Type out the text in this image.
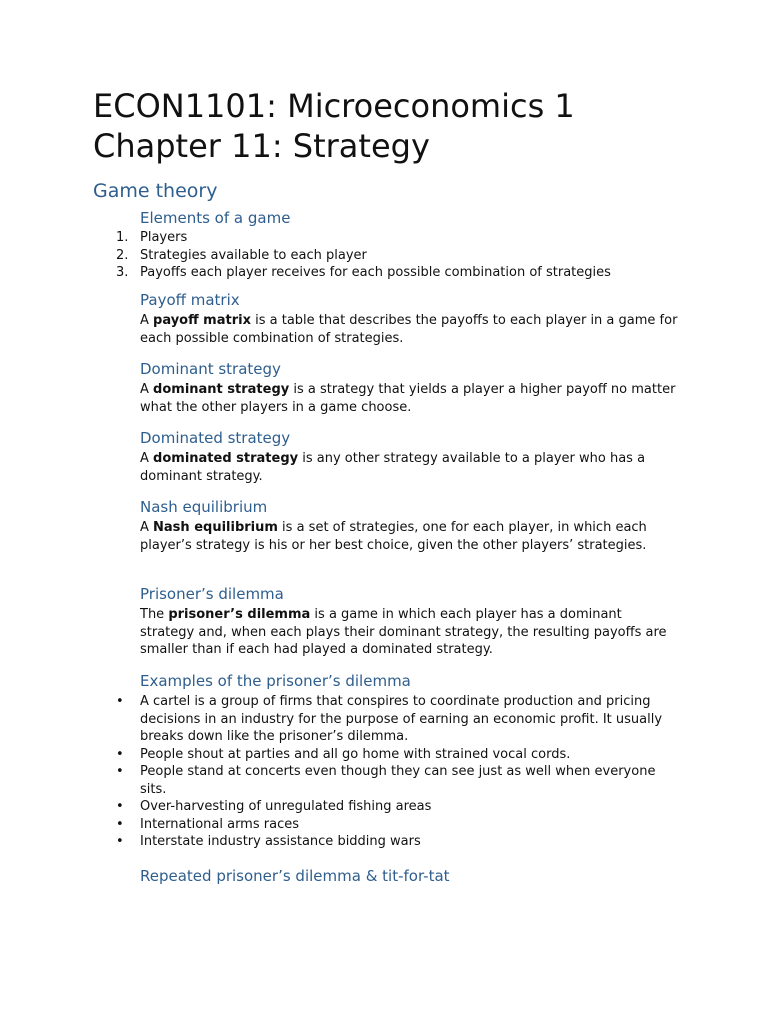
ECON1101: Microeconomics 1
Chapter 11: Strategy
Game theory
Elements of a game
1. Players
2. Strategies available to each player
3. Payoffs each player receives for each possible combination of strategies
Payoff matrix

A payoff matrix is a table that describes the payoffs to each player in a game for each possible combination of strategies.

Dominant strategy

A dominant strategy is a strategy that yields a player a higher payoff no matter what the other players in a game choose.

Dominated strategy

A dominated strategy is any other strategy available to a player who has a dominant strategy.

Nash equilibrium

A Nash equilibrium is a set of strategies, one for each player, in which each player’s strategy is his or her best choice, given the other players’ strategies.

Prisoner’s dilemma

The prisoner’s dilemma is a game in which each player has a dominant strategy and, when each plays their dominant strategy, the resulting payoffs are smaller than if each had played a dominated strategy.

Examples of the prisoner’s dilemma
• A cartel is a group of firms that conspires to coordinate production and pricing decisions in an industry for the purpose of earning an economic profit. It usually breaks down like the prisoner’s dilemma.
• People shout at parties and all go home with strained vocal cords.
• People stand at concerts even though they can see just as well when everyone sits.
• Over-harvesting of unregulated fishing areas
• International arms races
• Interstate industry assistance bidding wars
Repeated prisoner’s dilemma & tit-for-tat
